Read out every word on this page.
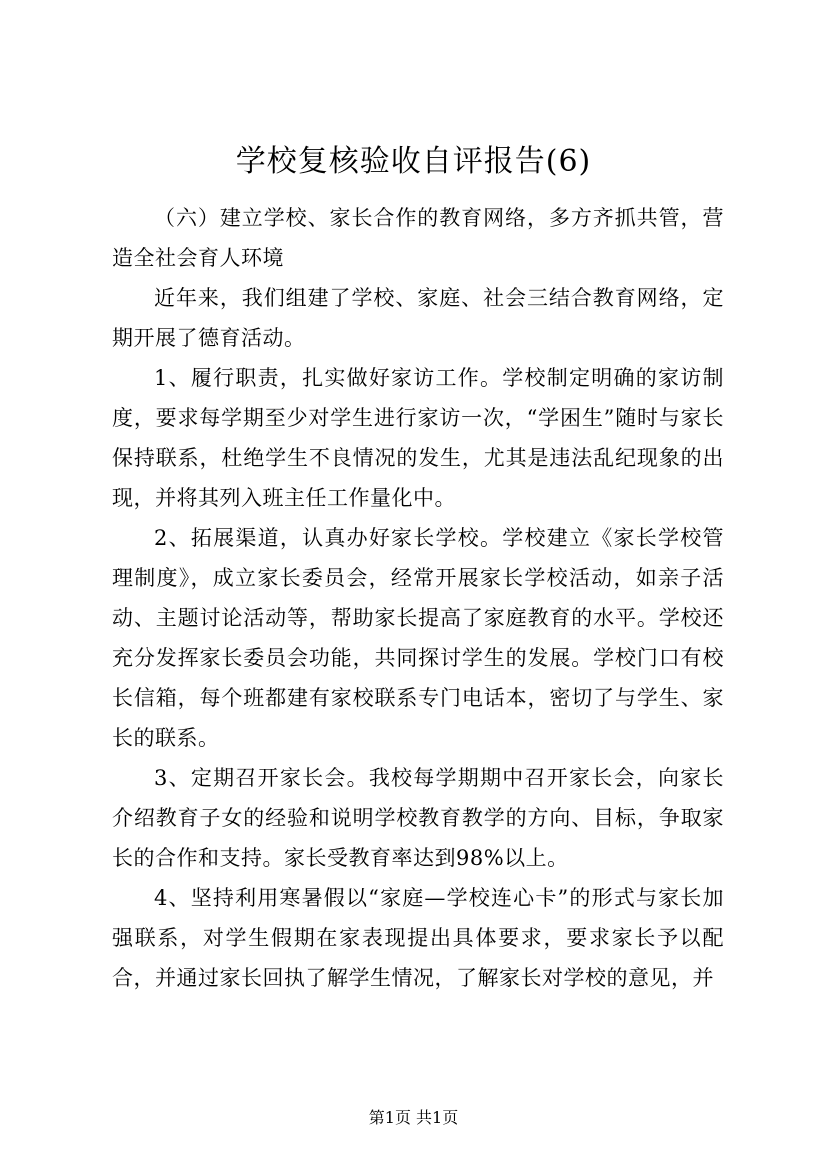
学校复核验收自评报告(6)

（六）建立学校、家长合作的教育网络，多方齐抓共管，营造全社会育人环境

近年来，我们组建了学校、家庭、社会三结合教育网络，定期开展了德育活动。

1、履行职责，扎实做好家访工作。学校制定明确的家访制度，要求每学期至少对学生进行家访一次，“学困生”随时与家长保持联系，杜绝学生不良情况的发生，尤其是违法乱纪现象的出现，并将其列入班主任工作量化中。

2、拓展渠道，认真办好家长学校。学校建立《家长学校管理制度》，成立家长委员会，经常开展家长学校活动，如亲子活动、主题讨论活动等，帮助家长提高了家庭教育的水平。学校还充分发挥家长委员会功能，共同探讨学生的发展。学校门口有校长信箱，每个班都建有家校联系专门电话本，密切了与学生、家长的联系。

3、定期召开家长会。我校每学期期中召开家长会，向家长介绍教育子女的经验和说明学校教育教学的方向、目标，争取家长的合作和支持。家长受教育率达到98%以上。

4、坚持利用寒暑假以“家庭—学校连心卡”的形式与家长加强联系，对学生假期在家表现提出具体要求，要求家长予以配合，并通过家长回执了解学生情况，了解家长对学校的意见，并

第1页 共1页
